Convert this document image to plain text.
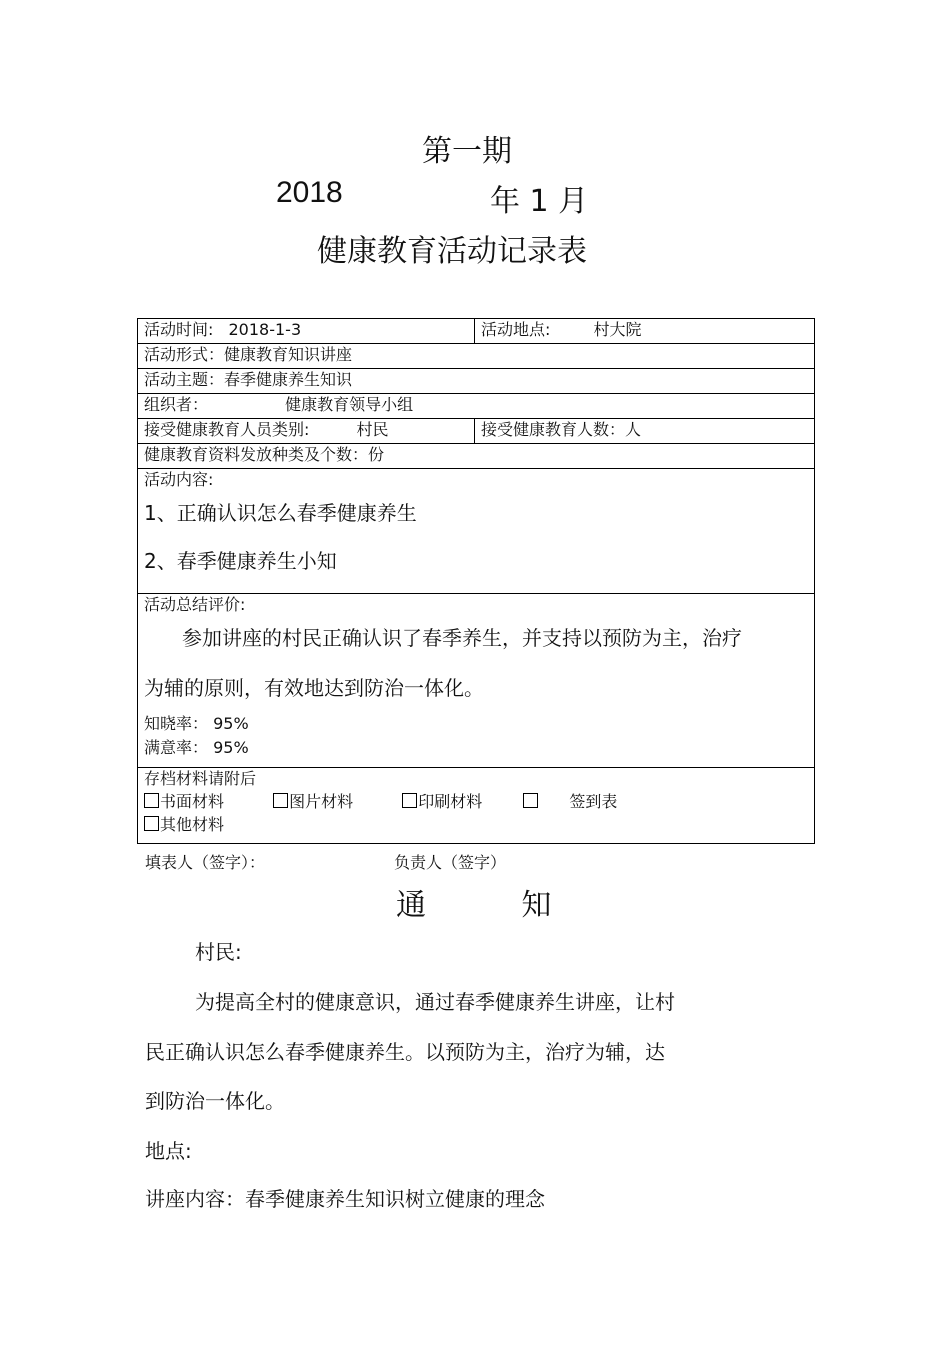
第一期
2018	年 1 月
健康教育活动记录表
活动时间: 2018-1-3	活动地点: 村大院
活动形式：健康教育知识讲座	
活动主题：春季健康养生知识	
组织者： 健康教育领导小组	
接受健康教育人员类别: 村民	接受健康教育人数：人
健康教育资料发放种类及个数：份	

活动内容:
1、正确认识怎么春季健康养生
2、春季健康养生小知	

活动总结评价:
参加讲座的村民正确认识了春季养生，并支持以预防为主，治疗
为辅的原则，有效地达到防治一体化。
知晓率： 95%
满意率： 95%	

存档材料请附后
书面材料 图片材料 印刷材料 签到表
其他材料	
填表人（签字）：	负责人（签字）
通          知
村民:
为提高全村的健康意识，通过春季健康养生讲座，让村
民正确认识怎么春季健康养生。以预防为主，治疗为辅，达
到防治一体化。
地点:
讲座内容：春季健康养生知识树立健康的理念
